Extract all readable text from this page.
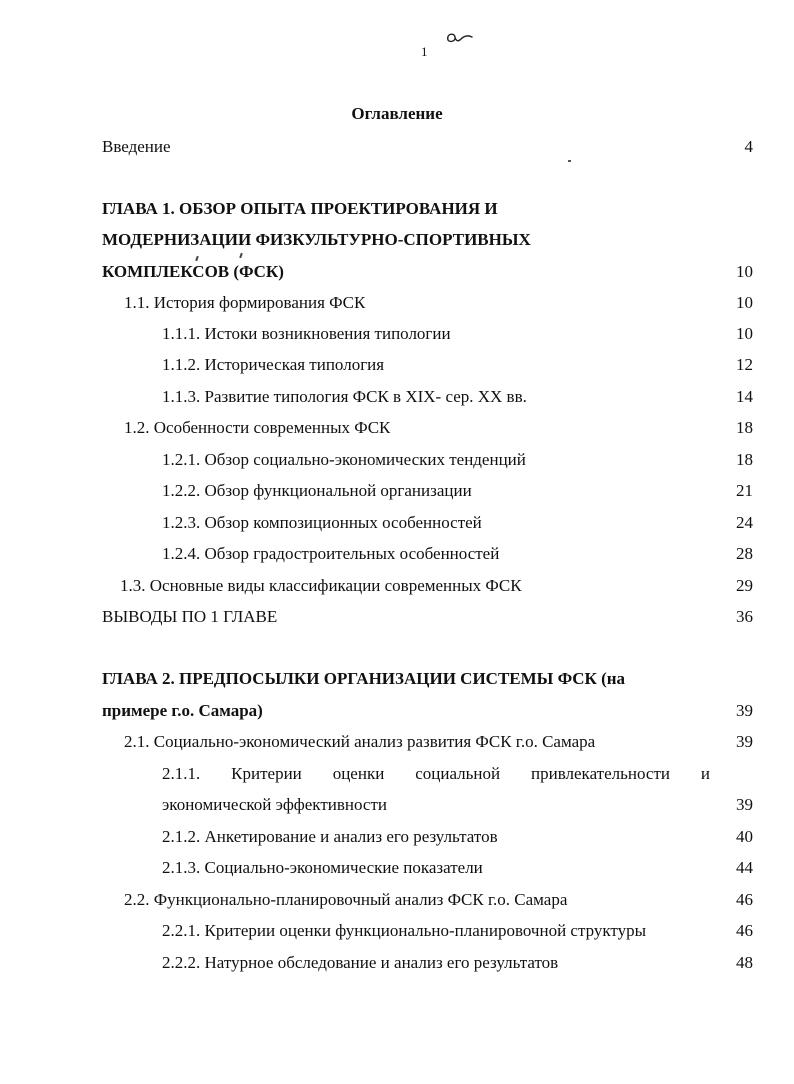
1
Оглавление
Введение	4
ГЛАВА 1. ОБЗОР ОПЫТА ПРОЕКТИРОВАНИЯ И
МОДЕРНИЗАЦИИ ФИЗКУЛЬТУРНО-СПОРТИВНЫХ
КОМПЛЕКСОВ (ФСК)	10
1.1. История формирования ФСК	10
1.1.1. Истоки возникновения типологии	10
1.1.2. Историческая типология	12
1.1.3. Развитие типология ФСК в XIX- сер. XX вв.	14
1.2. Особенности современных ФСК	18
1.2.1. Обзор социально-экономических тенденций	18
1.2.2. Обзор функциональной организации	21
1.2.3. Обзор композиционных особенностей	24
1.2.4. Обзор градостроительных особенностей	28
1.3. Основные виды классификации современных ФСК	29
ВЫВОДЫ ПО 1 ГЛАВЕ	36
ГЛАВА 2. ПРЕДПОСЫЛКИ ОРГАНИЗАЦИИ СИСТЕМЫ ФСК (на
примере г.о. Самара)	39
2.1. Социально-экономический анализ развития ФСК г.о. Самара	39
2.1.1. Критерии оценки социальной привлекательности и
экономической эффективности	39
2.1.2. Анкетирование и анализ его результатов	40
2.1.3. Социально-экономические показатели	44
2.2. Функционально-планировочный анализ ФСК г.о. Самара	46
2.2.1. Критерии оценки функционально-планировочной структуры	46
2.2.2. Натурное обследование и анализ его результатов	48
